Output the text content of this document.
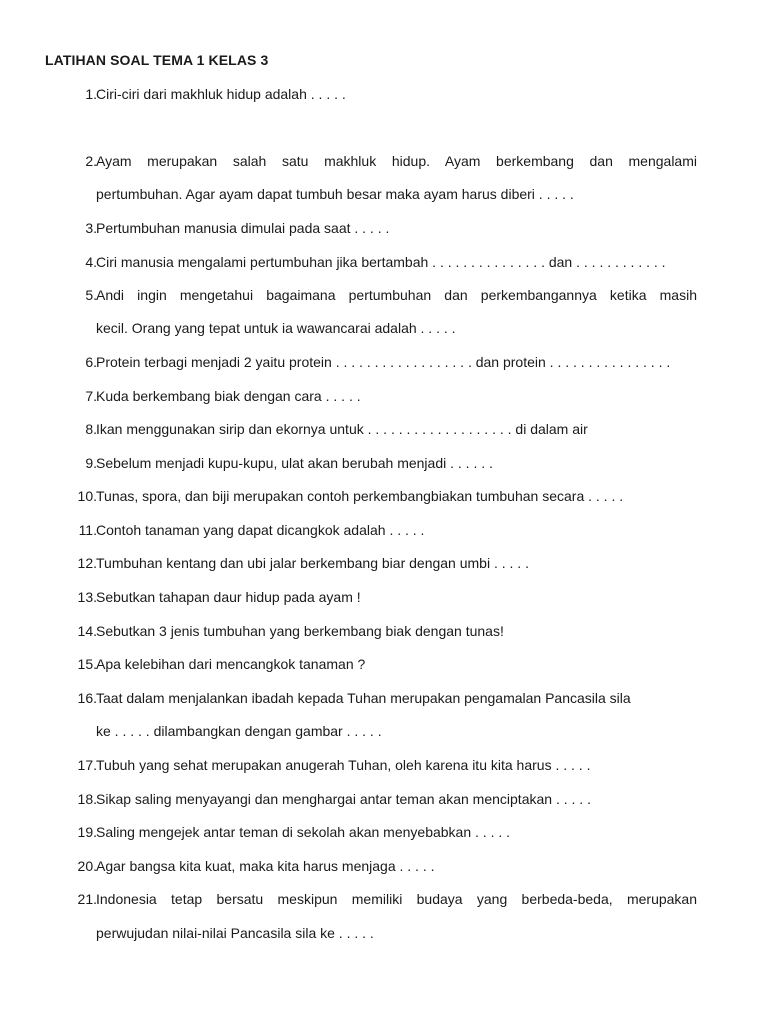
LATIHAN SOAL TEMA 1 KELAS 3
1. Ciri-ciri dari makhluk hidup adalah . . . . .
2. Ayam merupakan salah satu makhluk hidup. Ayam berkembang dan mengalami
pertumbuhan. Agar ayam dapat tumbuh besar maka ayam harus diberi . . . . .
3. Pertumbuhan manusia dimulai pada saat . . . . .
4. Ciri manusia mengalami pertumbuhan jika bertambah . . . . . . . . . . . . . . . dan . . . . . . . . . . . .
5. Andi ingin mengetahui bagaimana pertumbuhan dan perkembangannya ketika masih
kecil. Orang yang tepat untuk ia wawancarai adalah . . . . .
6. Protein terbagi menjadi 2 yaitu protein . . . . . . . . . . . . . . . . . . dan protein . . . . . . . . . . . . . . . .
7. Kuda berkembang biak dengan cara . . . . .
8. Ikan menggunakan sirip dan ekornya untuk . . . . . . . . . . . . . . . . . . . di dalam air
9. Sebelum menjadi kupu-kupu, ulat akan berubah menjadi . . . . . .
10. Tunas, spora, dan biji merupakan contoh perkembangbiakan tumbuhan secara . . . . .
11. Contoh tanaman yang dapat dicangkok adalah . . . . .
12. Tumbuhan kentang dan ubi jalar berkembang biar dengan umbi . . . . .
13. Sebutkan tahapan daur hidup pada ayam !
14. Sebutkan 3 jenis tumbuhan yang berkembang biak dengan tunas!
15. Apa kelebihan dari mencangkok tanaman ?
16. Taat dalam menjalankan ibadah kepada Tuhan merupakan pengamalan Pancasila sila
ke . . . . . dilambangkan dengan gambar . . . . .
17. Tubuh yang sehat merupakan anugerah Tuhan, oleh karena itu kita harus . . . . .
18. Sikap saling menyayangi dan menghargai antar teman akan menciptakan . . . . .
19. Saling mengejek antar teman di sekolah akan menyebabkan . . . . .
20. Agar bangsa kita kuat, maka kita harus menjaga . . . . .
21. Indonesia tetap bersatu meskipun memiliki budaya yang berbeda-beda, merupakan
perwujudan nilai-nilai Pancasila sila ke . . . . .
